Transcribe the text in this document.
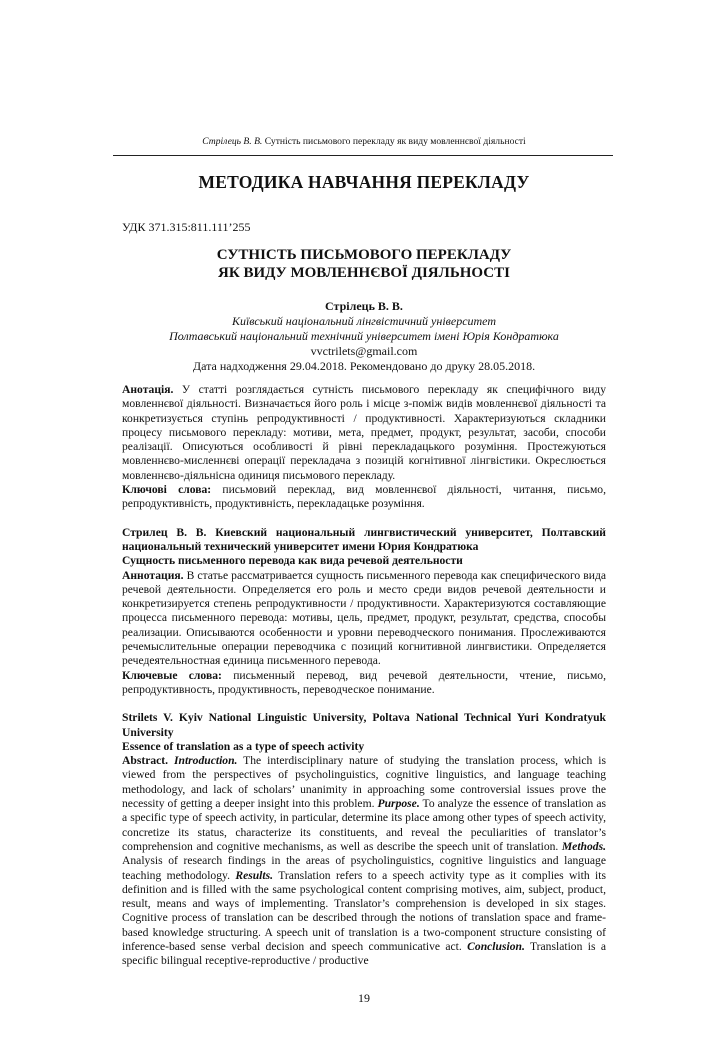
Стрілець В. В. Сутність письмового перекладу як виду мовленнєвої діяльності
МЕТОДИКА НАВЧАННЯ ПЕРЕКЛАДУ
УДК 371.315:811.111’255
СУТНІСТЬ ПИСЬМОВОГО ПЕРЕКЛАДУ
ЯК ВИДУ МОВЛЕННЄВОЇ ДІЯЛЬНОСТІ
Стрілець В. В.
Київський національний лінгвістичний університет
Полтавський національний технічний університет імені Юрія Кондратюка
vvctrilets@gmail.com
Дата надходження 29.04.2018. Рекомендовано до друку 28.05.2018.
Анотація. У статті розглядається сутність письмового перекладу як специфічного виду мовленнєвої діяльності. Визначається його роль і місце з-поміж видів мовленнєвої діяльності та конкретизується ступінь репродуктивності / продуктивності. Характеризуються складники процесу письмового перекладу: мотиви, мета, предмет, продукт, результат, засоби, способи реалізації. Описуються особливості й рівні перекладацького розуміння. Простежуються мовленнєво-мисленнєві операції перекладача з позицій когнітивної лінгвістики. Окреслюється мовленнєво-діяльнісна одиниця письмового перекладу.
Ключові слова: письмовий переклад, вид мовленнєвої діяльності, читання, письмо, репродуктивність, продуктивність, перекладацьке розуміння.
Стрилец В. В. Киевский национальный лингвистический университет, Полтавский национальный технический университет имени Юрия Кондратюка
Сущность письменного перевода как вида речевой деятельности
Аннотация. В статье рассматривается сущность письменного перевода как специфического вида речевой деятельности. Определяется его роль и место среди видов речевой деятельности и конкретизируется степень репродуктивности / продуктивности. Характеризуются составляющие процесса письменного перевода: мотивы, цель, предмет, продукт, результат, средства, способы реализации. Описываются особенности и уровни переводческого понимания. Прослеживаются речемыслительные операции переводчика с позиций когнитивной лингвистики. Определяется речедеятельностная единица письменного перевода.
Ключевые слова: письменный перевод, вид речевой деятельности, чтение, письмо, репродуктивность, продуктивность, переводческое понимание.
Strilets V. Kyiv National Linguistic University, Poltava National Technical Yuri Kondratyuk University
Essence of translation as a type of speech activity
Abstract. Introduction. The interdisciplinary nature of studying the translation process, which is viewed from the perspectives of psycholinguistics, cognitive linguistics, and language teaching methodology, and lack of scholars’ unanimity in approaching some controversial issues prove the necessity of getting a deeper insight into this problem. Purpose. To analyze the essence of translation as a specific type of speech activity, in particular, determine its place among other types of speech activity, concretize its status, characterize its constituents, and reveal the peculiarities of translator’s comprehension and cognitive mechanisms, as well as describe the speech unit of translation. Methods. Analysis of research findings in the areas of psycholinguistics, cognitive linguistics and language teaching methodology. Results. Translation refers to a speech activity type as it complies with its definition and is filled with the same psychological content comprising motives, aim, subject, product, result, means and ways of implementing. Translator’s comprehension is developed in six stages. Cognitive process of translation can be described through the notions of translation space and frame-based knowledge structuring. A speech unit of translation is a two-component structure consisting of inference-based sense verbal decision and speech communicative act. Conclusion. Translation is a specific bilingual receptive-reproductive / productive
19
